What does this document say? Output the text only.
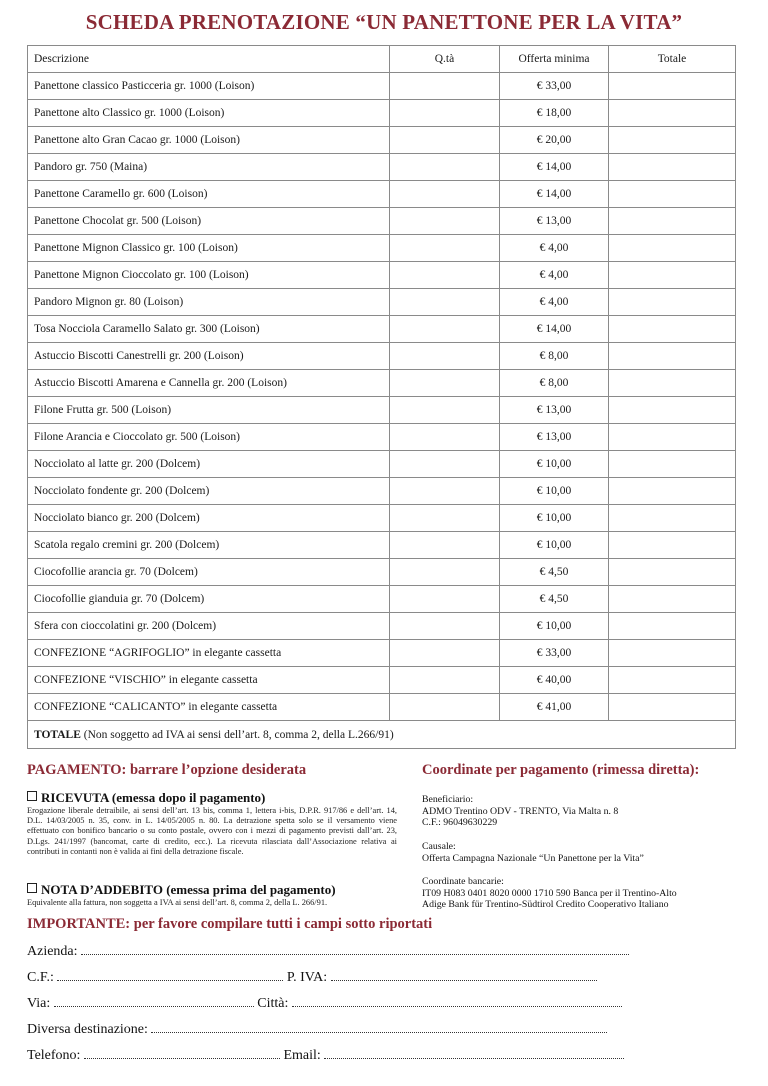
SCHEDA PRENOTAZIONE “UN PANETTONE PER LA VITA”
Descrizione	Q.tà	Offerta minima	Totale
Panettone classico Pasticceria gr. 1000 (Loison)		€ 33,00	
Panettone alto Classico gr. 1000 (Loison)		€ 18,00	
Panettone alto Gran Cacao gr. 1000 (Loison)		€ 20,00	
Pandoro gr. 750 (Maina)		€ 14,00	
Panettone Caramello gr. 600 (Loison)		€ 14,00	
Panettone Chocolat gr. 500 (Loison)		€ 13,00	
Panettone Mignon Classico gr. 100 (Loison)		€ 4,00	
Panettone Mignon Cioccolato gr. 100 (Loison)		€ 4,00	
Pandoro Mignon gr. 80 (Loison)		€ 4,00	
Tosa Nocciola Caramello Salato gr. 300 (Loison)		€ 14,00	
Astuccio Biscotti Canestrelli gr. 200 (Loison)		€ 8,00	
Astuccio Biscotti Amarena e Cannella gr. 200 (Loison)		€ 8,00	
Filone Frutta gr. 500 (Loison)		€ 13,00	
Filone Arancia e Cioccolato gr. 500 (Loison)		€ 13,00	
Nocciolato al latte gr. 200 (Dolcem)		€ 10,00	
Nocciolato fondente gr. 200 (Dolcem)		€ 10,00	
Nocciolato bianco gr. 200 (Dolcem)		€ 10,00	
Scatola regalo cremini gr. 200 (Dolcem)		€ 10,00	
Ciocofollie arancia gr. 70 (Dolcem)		€ 4,50	
Ciocofollie gianduia gr. 70 (Dolcem)		€ 4,50	
Sfera con cioccolatini gr. 200 (Dolcem)		€ 10,00	
CONFEZIONE “AGRIFOGLIO” in elegante cassetta		€ 33,00	
CONFEZIONE “VISCHIO” in elegante cassetta		€ 40,00	
CONFEZIONE “CALICANTO” in elegante cassetta		€ 41,00	
TOTALE (Non soggetto ad IVA ai sensi dell’art. 8, comma 2, della L.266/91)			
PAGAMENTO: barrare l’opzione desiderata
RICEVUTA (emessa dopo il pagamento)
Erogazione liberale detraibile, ai sensi dell’art. 13 bis, comma 1, lettera i-bis, D.P.R. 917/86 e dell’art. 14, D.L. 14/03/2005 n. 35, conv. in L. 14/05/2005 n. 80. La detrazione spetta solo se il versamento viene effettuato con bonifico bancario o su conto postale, ovvero con i mezzi di pagamento previsti dall’art. 23, D.Lgs. 241/1997 (bancomat, carte di credito, ecc.). La ricevuta rilasciata dall’Associazione relativa ai contributi in contanti non è valida ai fini della detrazione fiscale.
NOTA D’ADDEBITO (emessa prima del pagamento)
Equivalente alla fattura, non soggetta a IVA ai sensi dell’art. 8, comma 2, della L. 266/91.
Coordinate per pagamento (rimessa diretta):
Beneficiario:
ADMO Trentino ODV - TRENTO, Via Malta n. 8
C.F.: 96049630229
Causale:
Offerta Campagna Nazionale “Un Panettone per la Vita”
Coordinate bancarie:
IT09 H083 0401 8020 0000 1710 590 Banca per il Trentino-Alto
Adige Bank für Trentino-Südtirol Credito Cooperativo Italiano
IMPORTANTE: per favore compilare tutti i campi sotto riportati
Azienda:
C.F.:	P. IVA:
Via:	Città:
Diversa destinazione:
Telefono:	Email:
